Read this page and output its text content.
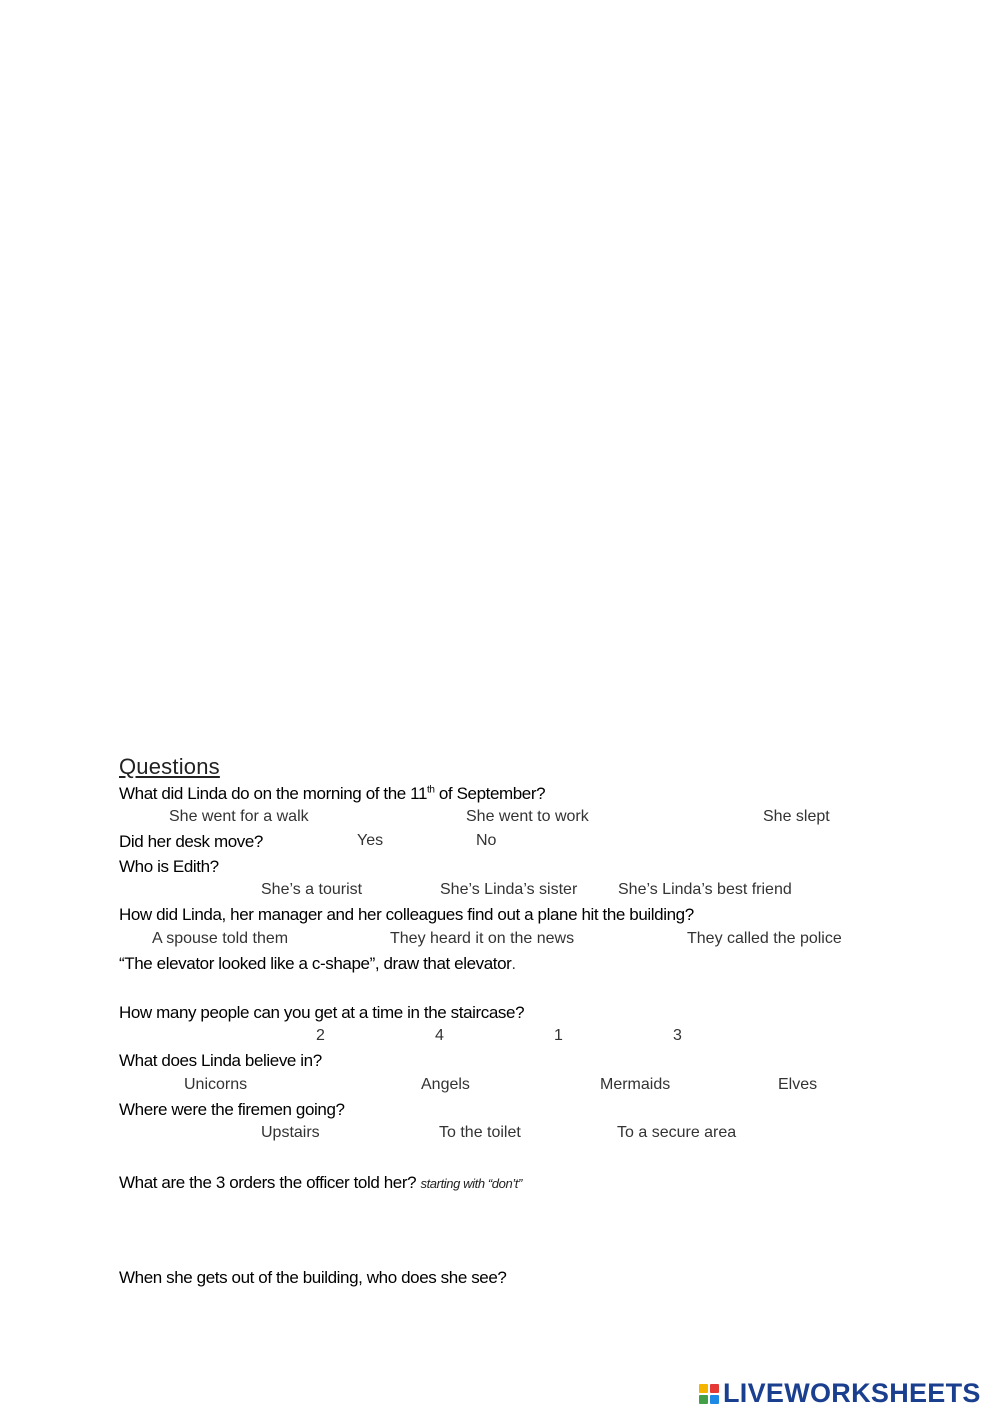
Questions
What did Linda do on the morning of the 11th of September?
She went for a walk	She went to work	She slept
Did her desk move?	Yes	No
Who is Edith?
She’s a tourist	She’s Linda’s sister	She’s Linda’s best friend
How did Linda, her manager and her colleagues find out a plane hit the building?
A spouse told them	They heard it on the news	They called the police
“The elevator looked like a c-shape”, draw that elevator.
How many people can you get at a time in the staircase?
2	4	1	3
What does Linda believe in?
Unicorns	Angels	Mermaids	Elves
Where were the firemen going?
Upstairs	To the toilet	To a secure area
What are the 3 orders the officer told her? starting with “don’t”
When she gets out of the building, who does she see?
LIVEWORKSHEETS
